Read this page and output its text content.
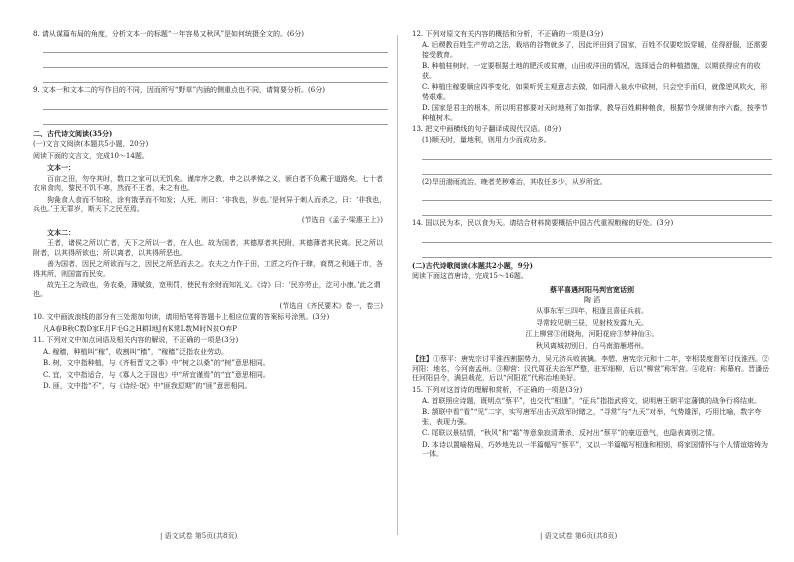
8. 请从谋篇布局的角度，分析文本一的标题“一年容易又秋风”是如何统摄全文的。(6分)

9. 文本一和文本二的写作目的不同，因而所写“野草”内涵的侧重点也不同，请简要分析。(6分)

二、古代诗文阅读(35分)

(一)文言文阅读(本题共5小题，20分)

阅读下面的文言文，完成10～14题。

文本一：

百亩之田，勿夺其时，数口之家可以无饥矣。谨庠序之教，申之以孝悌之义，颁白者不负戴于道路矣。七十者衣帛食肉，黎民不饥不寒，然而不王者，未之有也。

狗彘食人食而不知检，涂有饿莩而不知发；人死，则曰：‘非我也，岁也。’是何异于刺人而杀之，曰：‘非我也，兵也。’王无罪岁，斯天下之民至焉。

(节选自《孟子·梁惠王上》)

文本二：

王者，诸侯之所以亡者，天下之所以一者，在人也。故为国者，其德厚者其民附，其德薄者其民离。民之所以附者，以其得所欲也；所以离者，以其得所恶也。

善为国者，因民之所欲而与之，因民之所恶而去之。农夫之力作于田，工匠之巧作于肆，商贾之利通于市，各得其所，则国富而民安。

故先王之为政也，务农桑，薄赋敛，宽刑罚，使民有余财而知礼义。《诗》曰：‘民亦劳止，汔可小康。’此之谓也。

(节选自《齐民要术》卷一，卷三)

10. 文中画波浪线的部分有三处需加句读，请用铅笔将答题卡上相应位置的答案标号涂黑。(3分)

凡A春B秋C数D家E月F毛G之H耕I地J有K常L数M时N贫O弃P

11. 下列对文中加点词语及相关内容的解说，不正确的一项是(3分)

A. 稼穑，种植叫“稼”，收割叫“穑”，“稼穑”泛指农业劳动。

B. 树，文中指种植，与《齐桓晋文之事》中“树之以桑”的“树”意思相同。

C. 宜，文中指适合，与《寡人之于国也》中“所宜谨焉”的“宜”意思相同。

D. 匪，文中指“不”，与《诗经·氓》中“匪我愆期”的“匪”意思相同。

12. 下列对原文有关内容的概括和分析，不正确的一项是(3分)

A. 后稷教百姓生产劳动之法，栽培的谷物就多了，因此评田到了国家，百姓不仅要吃饭穿暖，住得舒服，还需要接受教育。

B. 种植桂树时，一定要根据土地的肥沃或贫瘠，山田或洋田的情况，选择适合的种植措施，以期获得应有的收获。

C. 种植庄稼要顺应四季变化，如果听凭主观意志去做，如同滑入泉水中砍树，只会空手而归，就像逆风吹火，形势艰难。

D. 国家是君主的根本，所以明君都要对天时地利了如指掌，教导百姓耕种粮食，根据节令规律有序六畜，按季节种植树木。

13. 把文中画横线的句子翻译成现代汉语。(8分)

(1)顺天时，量地利，则用力少而成功多。

(2)旱田渤雨流治，晚者芜秽难治，其收任多少，从岁所宜。

14. 国以民为本，民以食为天。请结合材料简要概括中国古代重视粮稼的好处。(3分)

(二)古代诗歌阅读(本题共2小题，9分)

阅读下面这首唐诗，完成15～16题。

蔡平喜遇河阳马判官宽话别

陶 滔

从事东军三四年，相逢且喜征兵前。

寻常较见朝三昼，见射枝发露九天。

江上柳营③闭晓角，河阳花府③梦神仙④。

秋风离城初别日，白马南游雁塔州。

【注】①蔡平：唐宪宗讨平淮西割据势力，吴元济兵败被擒。李愬、唐宪宗元和十二年，宰相裴度督军讨伐淮西。②河阳：地名，今河南孟州。③柳营：汉代周亚夫治军严整，驻军细柳，后以“柳营”称军营。④花府：称幕府。晋潘岳任河阳县令，满县栽花，后以“河阳花”代称治地美好。

15. 下列对这首诗的理解和赏析，不正确的一项是(3分)

A. 首联照应诗题，既明点“蔡平”，也交代“相逢”，“征兵”指指武将文，说明唐王朝平定藩镇的战争行将结束。

B. 颔联中看“看”“见”二字，实写唐军出击灭敌军时睹之，“寻常”与“九天”对举，气势雄浑，巧用比喻，数字夸张，表现力强。

C. 尾联以景结情，“秋风”和“霜”等意象寂清萧杀，反衬出“蔡平”的豪迈意气，也隐表离别之情。

D. 本诗以置喻格局，巧妙地先以一半篇幅写“蔡平”，又以一半篇幅写相逢和相别，将家国情怀与个人情谊熔铸为一体。

| 语文试卷 第5页(共8页)	| 语文试卷 第6页(共8页)
